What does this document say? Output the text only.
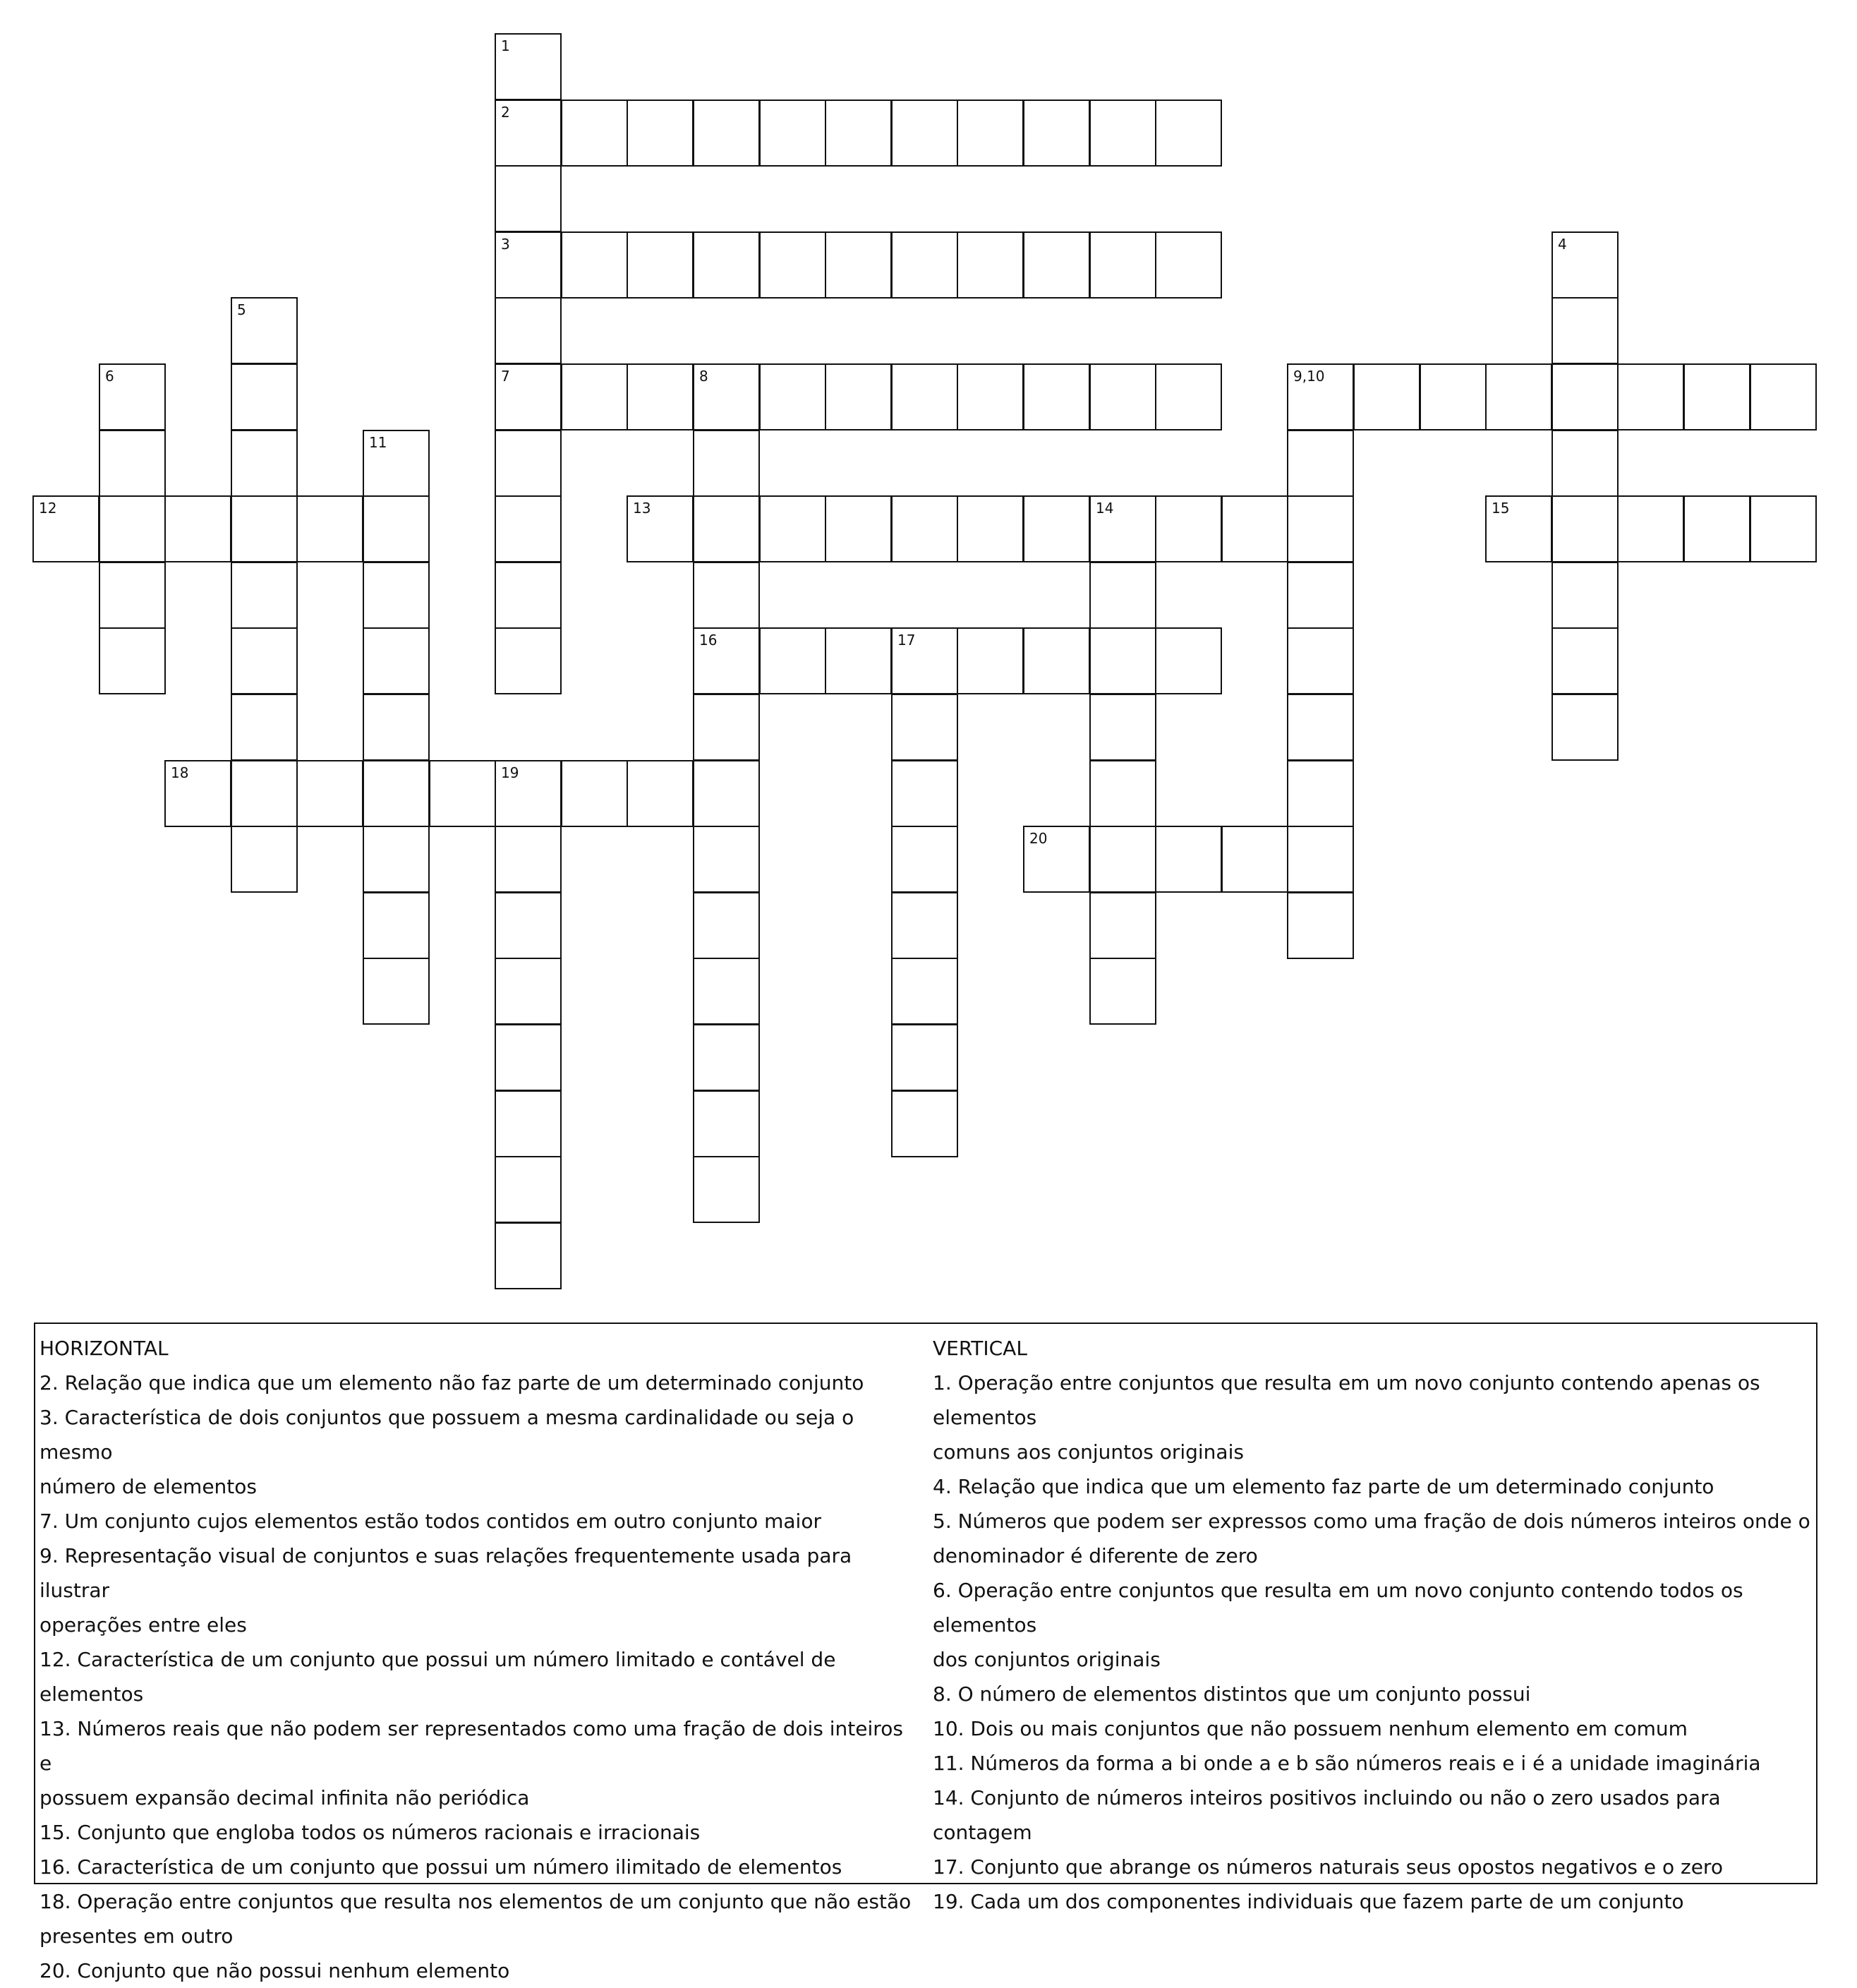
1
2
3	4
5
6	7	8	9,10
11
12	13	14	15
16	17
18	19
20
HORIZONTAL
2. Relação que indica que um elemento não faz parte de um determinado conjunto
3. Característica de dois conjuntos que possuem a mesma cardinalidade ou seja o mesmo
número de elementos
7. Um conjunto cujos elementos estão todos contidos em outro conjunto maior
9. Representação visual de conjuntos e suas relações frequentemente usada para ilustrar
operações entre eles
12. Característica de um conjunto que possui um número limitado e contável de elementos
13. Números reais que não podem ser representados como uma fração de dois inteiros e
possuem expansão decimal infinita não periódica
15. Conjunto que engloba todos os números racionais e irracionais
16. Característica de um conjunto que possui um número ilimitado de elementos
18. Operação entre conjuntos que resulta nos elementos de um conjunto que não estão
presentes em outro
20. Conjunto que não possui nenhum elemento
VERTICAL
1. Operação entre conjuntos que resulta em um novo conjunto contendo apenas os elementos
comuns aos conjuntos originais
4. Relação que indica que um elemento faz parte de um determinado conjunto
5. Números que podem ser expressos como uma fração de dois números inteiros onde o
denominador é diferente de zero
6. Operação entre conjuntos que resulta em um novo conjunto contendo todos os elementos
dos conjuntos originais
8. O número de elementos distintos que um conjunto possui
10. Dois ou mais conjuntos que não possuem nenhum elemento em comum
11. Números da forma a bi onde a e b são números reais e i é a unidade imaginária
14. Conjunto de números inteiros positivos incluindo ou não o zero usados para contagem
17. Conjunto que abrange os números naturais seus opostos negativos e o zero
19. Cada um dos componentes individuais que fazem parte de um conjunto
